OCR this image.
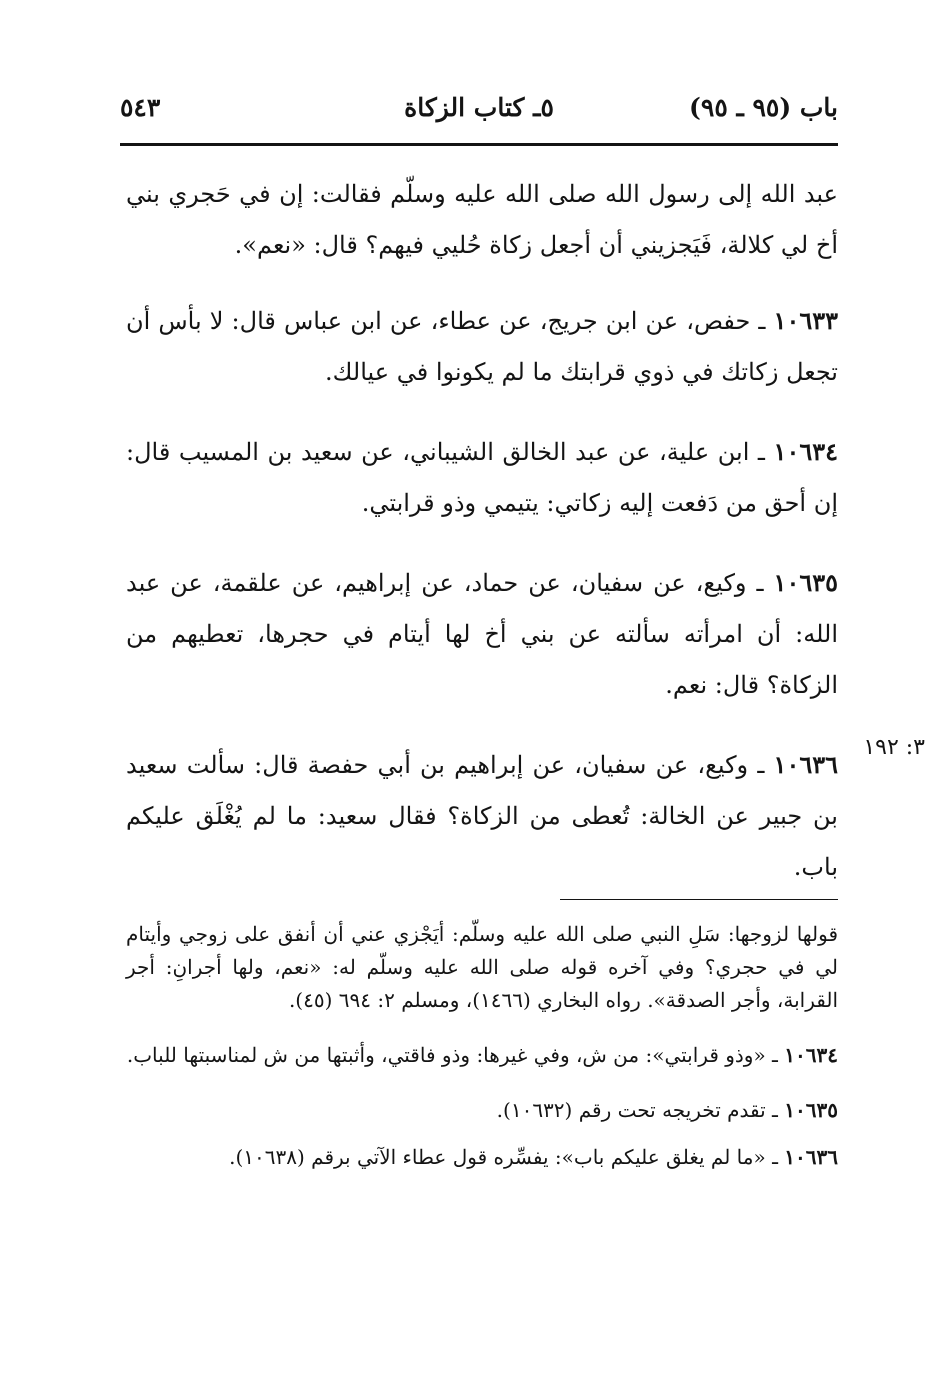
باب (٩٥ ـ ٩٥)
٥ـ كتاب الزكاة
٥٤٣
٣: ١٩٢

عبد الله إلى رسول الله صلى الله عليه وسلّم فقالت: إن في حَجري بني أخ لي كلالة، فَيَجزيني أن أجعل زكاة حُليي فيهم؟ قال: «نعم».

١٠٦٣٣ ـ حفص، عن ابن جريج، عن عطاء، عن ابن عباس قال: لا بأس أن تجعل زكاتك في ذوي قرابتك ما لم يكونوا في عيالك.

١٠٦٣٤ ـ ابن علية، عن عبد الخالق الشيباني، عن سعيد بن المسيب قال: إن أحق من دَفعت إليه زكاتي: يتيمي وذو قرابتي.

١٠٦٣٥ ـ وكيع، عن سفيان، عن حماد، عن إبراهيم، عن علقمة، عن عبد الله: أن امرأته سألته عن بني أخ لها أيتام في حجرها، تعطيهم من الزكاة؟ قال: نعم.

١٠٦٣٦ ـ وكيع، عن سفيان، عن إبراهيم بن أبي حفصة قال: سألت سعيد بن جبير عن الخالة: تُعطى من الزكاة؟ فقال سعيد: ما لم يُغْلَق عليكم باب.

قولها لزوجها: سَلِ النبي صلى الله عليه وسلّم: أيَجْزي عني أن أنفق على زوجي وأيتام لي في حجري؟ وفي آخره قوله صلى الله عليه وسلّم له: «نعم، ولها أجرانِ: أجر القرابة، وأجر الصدقة». رواه البخاري (١٤٦٦)، ومسلم ٢: ٦٩٤ (٤٥).

١٠٦٣٤ ـ «وذو قرابتي»: من ش، وفي غيرها: وذو فاقتي، وأثبتها من ش لمناسبتها للباب.

١٠٦٣٥ ـ تقدم تخريجه تحت رقم (١٠٦٣٢).

١٠٦٣٦ ـ «ما لم يغلق عليكم باب»: يفسِّره قول عطاء الآتي برقم (١٠٦٣٨).
